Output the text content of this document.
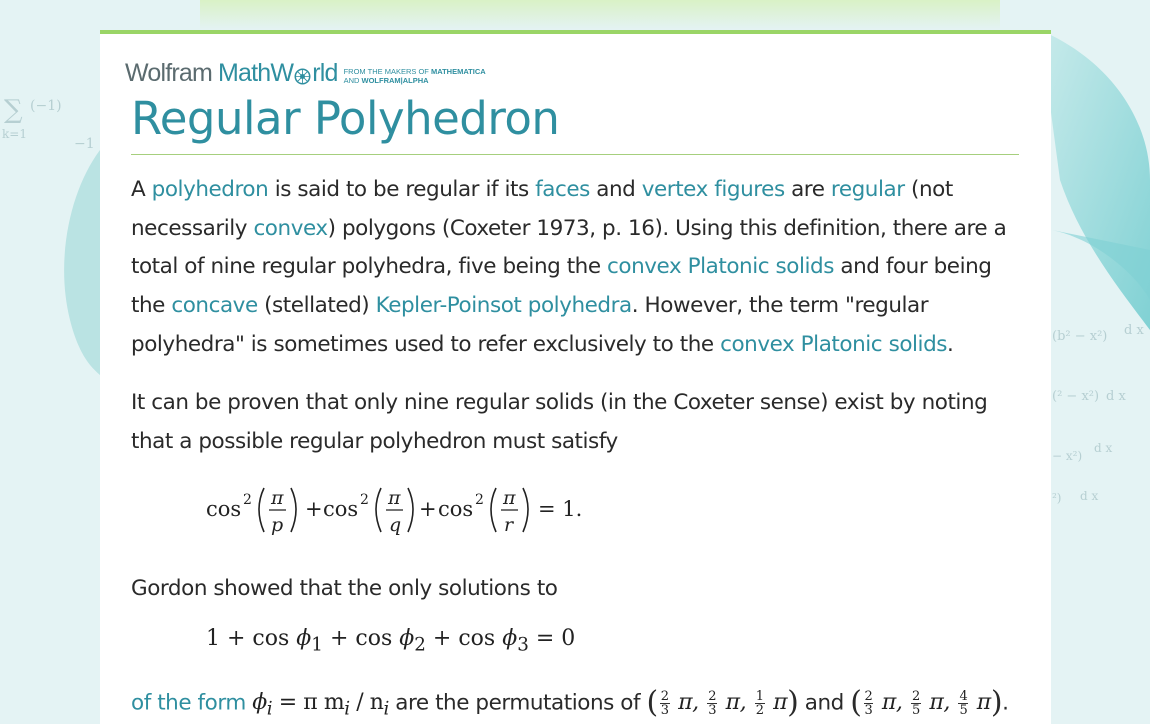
∑ (−1)
k=1
−1
(b² − x²) d x
(² − x²) d x
− x²)
d x
²) d x
Wolfram MathW rld FROM THE MAKERS OF MATHEMATICA
AND WOLFRAM|ALPHA
Regular Polyhedron

A polyhedron is said to be regular if its faces and vertex figures are regular (not necessarily convex) polygons (Coxeter 1973, p. 16). Using this definition, there are a total of nine regular polyhedra, five being the convex Platonic solids and four being the concave (stellated) Kepler-Poinsot polyhedra. However, the term "regular polyhedra" is sometimes used to refer exclusively to the convex Platonic solids.

It can be proven that only nine regular solids (in the Coxeter sense) exist by noting that a possible regular polyhedron must satisfy

cos 2 π
p
+ cos 2 π
q
+ cos 2 π
r
= 1.

Gordon showed that the only solutions to

$1 + \cos \phi_1 + \cos \phi_2 + \cos \phi_3 = 0$

of the form $\phi_i = \pi$ $m_i / n_i$ are the permutations of ( $\frac{2}{3} \pi$, $\frac{2}{3} \pi$, $\frac{1}{2} \pi$) and ( $\frac{2}{3} \pi$, $\frac{2}{5} \pi$, $\frac{4}{5} \pi$).
